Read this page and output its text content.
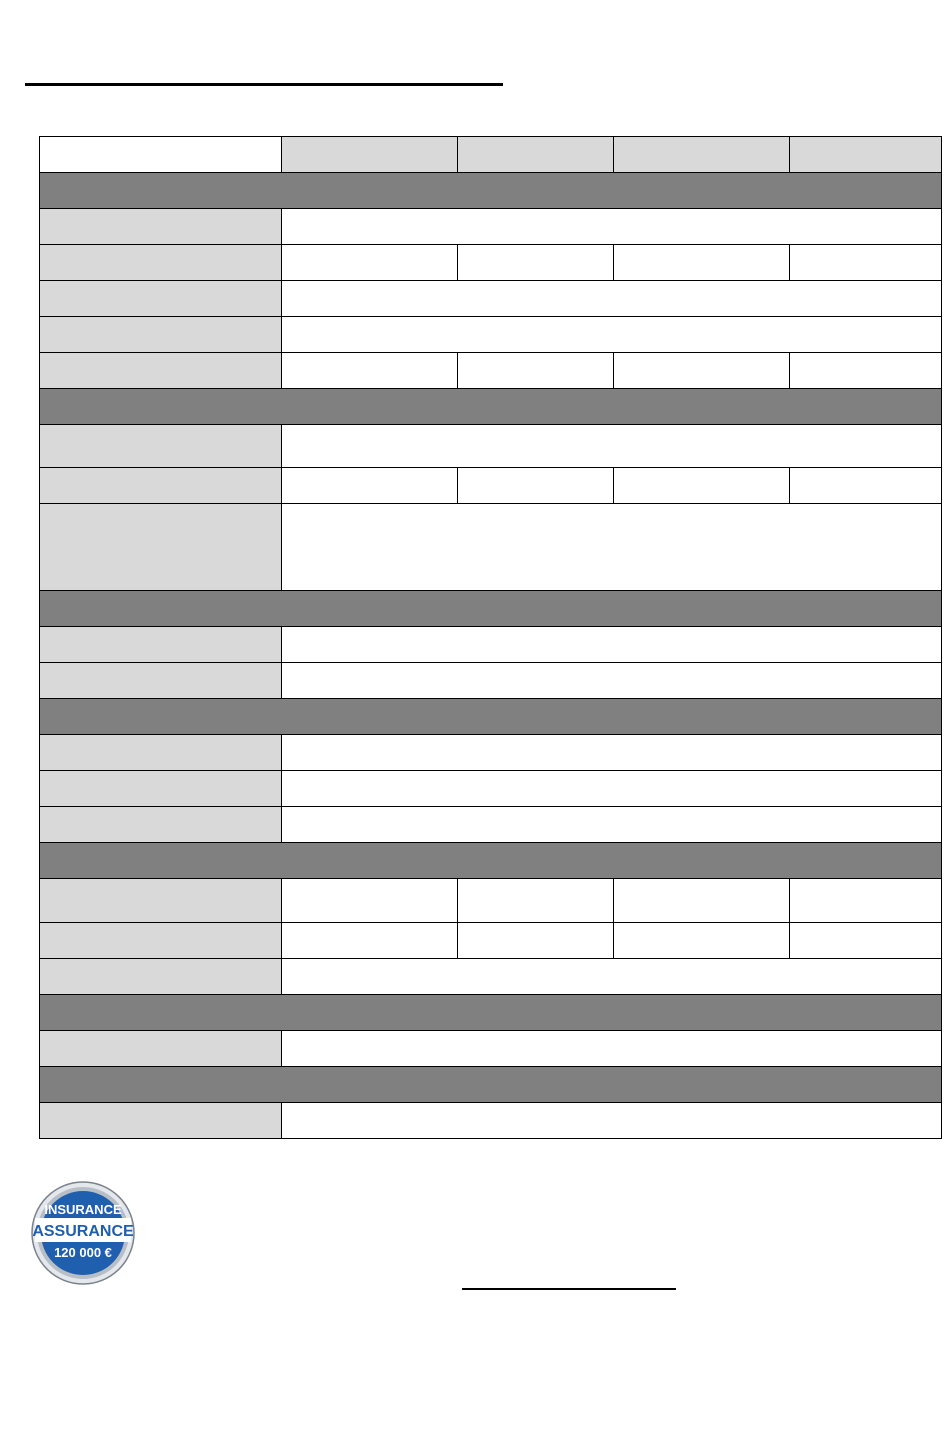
INSURANCE
ASSURANCE
120 000 €
